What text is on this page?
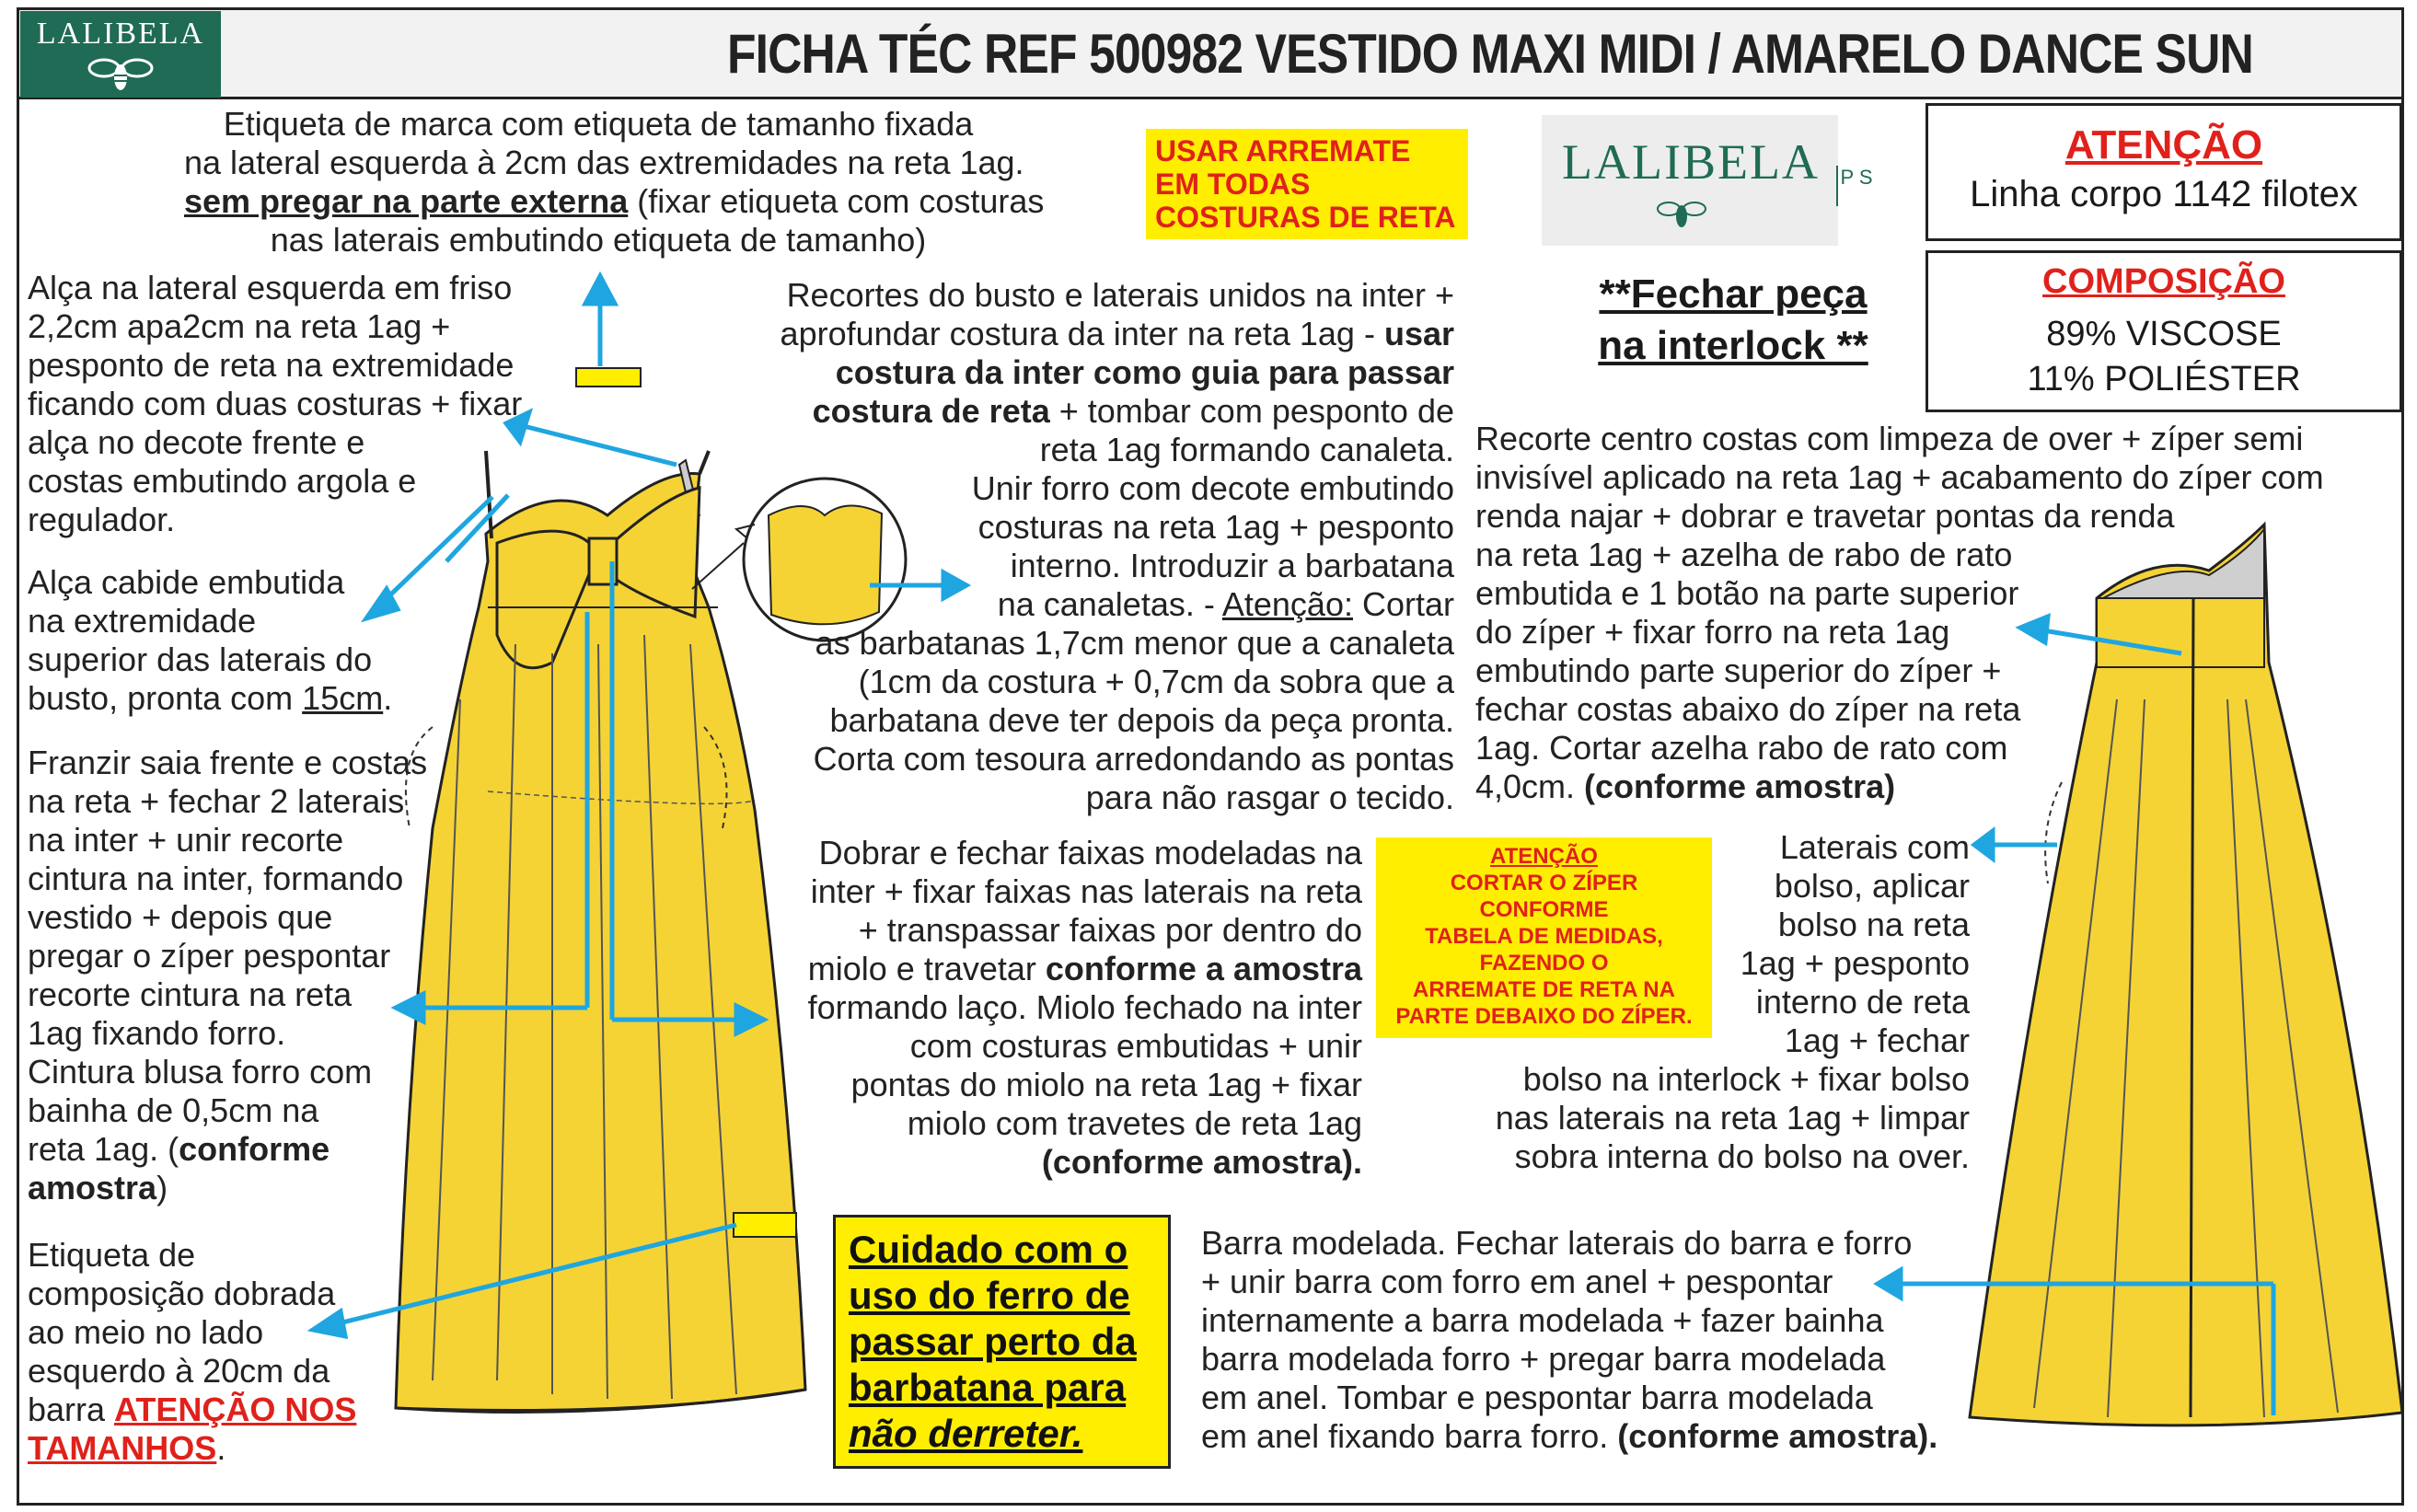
LALIBELA	FICHA TÉC REF 500982 VESTIDO MAXI MIDI / AMARELO DANCE SUN
Etiqueta de marca com etiqueta de tamanho fixada
na lateral esquerda à 2cm das extremidades na reta 1ag.
sem pregar na parte externa (fixar etiqueta com costuras
nas laterais embutindo etiqueta de tamanho)
USAR ARREMATE
EM TODAS
COSTURAS DE RETA
LALIBELA P S
ATENÇÃO
Linha corpo 1142 filotex
COMPOSIÇÃO
89% VISCOSE
11% POLIÉSTER
**Fechar peça
na interlock **
Alça na lateral esquerda em friso
2,2cm apa2cm na reta 1ag +
pesponto de reta na extremidade
ficando com duas costuras + fixar
alça no decote frente e
costas embutindo argola e
regulador.
Alça cabide embutida
na extremidade
superior das laterais do
busto, pronta com 15cm.
Franzir saia frente e costas
na reta + fechar 2 laterais
na inter + unir recorte
cintura na inter, formando
vestido + depois que
pregar o zíper pespontar
recorte cintura na reta
1ag fixando forro.
Cintura blusa forro com
bainha de 0,5cm na
reta 1ag. (conforme
amostra)
Etiqueta de
composição dobrada
ao meio no lado
esquerdo à 20cm da
barra ATENÇÃO NOS
TAMANHOS.
Recortes do busto e laterais unidos na inter +
aprofundar costura da inter na reta 1ag - usar
costura da inter como guia para passar
costura de reta + tombar com pesponto de
reta 1ag formando canaleta.
Unir forro com decote embutindo
costuras na reta 1ag + pesponto
interno. Introduzir a barbatana
na canaletas. - Atenção: Cortar
as barbatanas 1,7cm menor que a canaleta
(1cm da costura + 0,7cm da sobra que a
barbatana deve ter depois da peça pronta.
Corta com tesoura arredondando as pontas
para não rasgar o tecido.
Recorte centro costas com limpeza de over + zíper semi
invisível aplicado na reta 1ag + acabamento do zíper com
renda najar + dobrar e travetar pontas da renda
na reta 1ag + azelha de rabo de rato
embutida e 1 botão na parte superior
do zíper + fixar forro na reta 1ag
embutindo parte superior do zíper +
fechar costas abaixo do zíper na reta
1ag. Cortar azelha rabo de rato com
4,0cm. (conforme amostra)
Dobrar e fechar faixas modeladas na
inter + fixar faixas nas laterais na reta
+ transpassar faixas por dentro do
miolo e travetar conforme a amostra
formando laço. Miolo fechado na inter
com costuras embutidas + unir
pontas do miolo na reta 1ag + fixar
miolo com travetes de reta 1ag
(conforme amostra).
ATENÇÃO
CORTAR O ZÍPER
CONFORME
TABELA DE MEDIDAS,
FAZENDO O
ARREMATE DE RETA NA
PARTE DEBAIXO DO ZÍPER.
Laterais com
bolso, aplicar
bolso na reta
1ag + pesponto
interno de reta
1ag + fechar
bolso na interlock + fixar bolso
nas laterais na reta 1ag + limpar
sobra interna do bolso na over.
Cuidado com o
uso do ferro de
passar perto da
barbatana para
não derreter.
Barra modelada. Fechar laterais do barra e forro
+ unir barra com forro em anel + pespontar
internamente a barra modelada + fazer bainha
barra modelada forro + pregar barra modelada
em anel. Tombar e pespontar barra modelada
em anel fixando barra forro. (conforme amostra).
